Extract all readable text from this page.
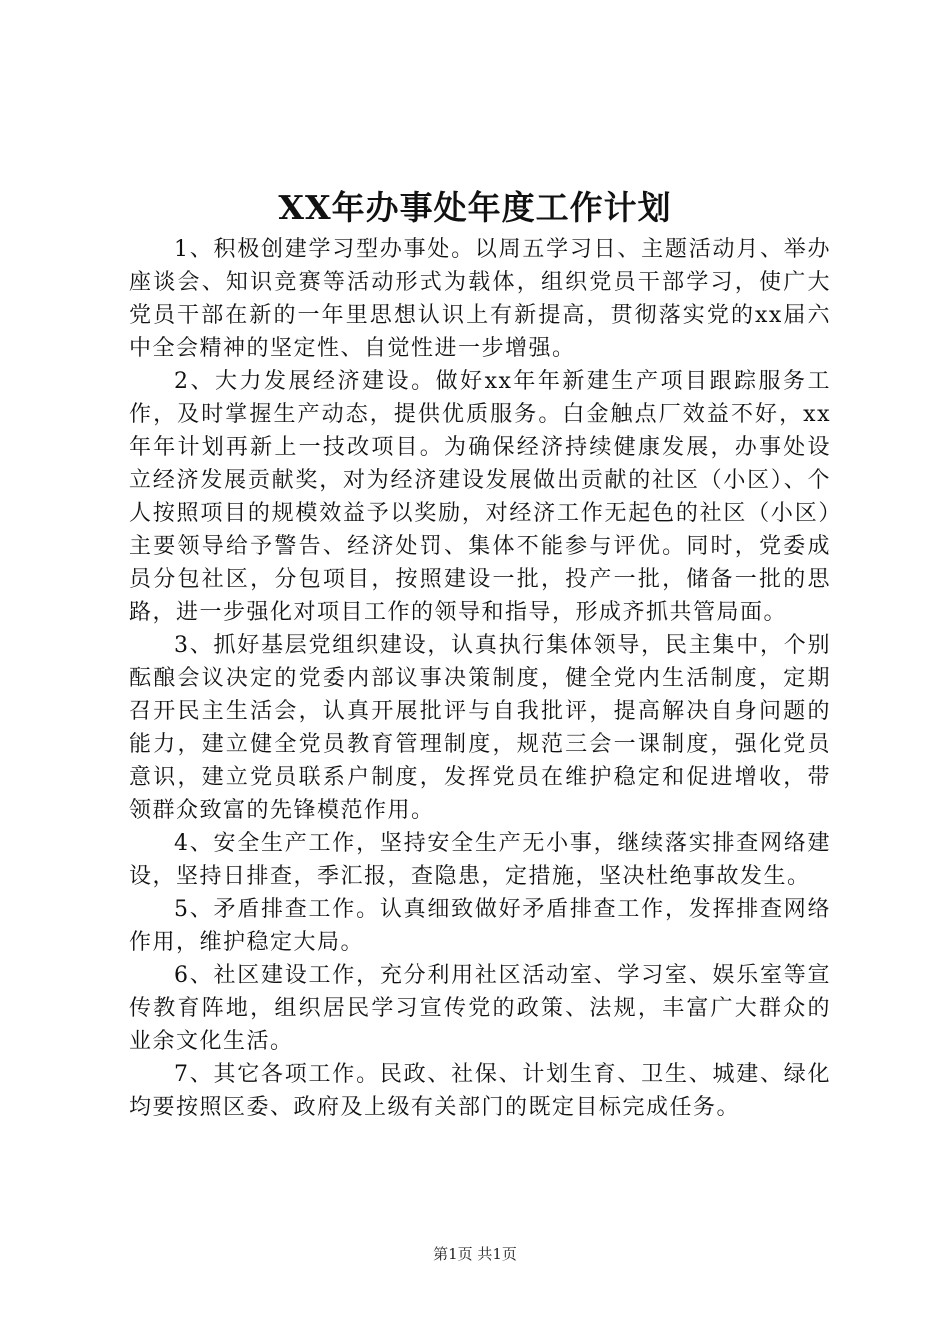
XX年办事处年度工作计划

1、积极创建学习型办事处。以周五学习日、主题活动月、举办座谈会、知识竞赛等活动形式为载体，组织党员干部学习，使广大党员干部在新的一年里思想认识上有新提高，贯彻落实党的xx届六中全会精神的坚定性、自觉性进一步增强。

2、大力发展经济建设。做好xx年年新建生产项目跟踪服务工作，及时掌握生产动态，提供优质服务。白金触点厂效益不好，xx年年计划再新上一技改项目。为确保经济持续健康发展，办事处设立经济发展贡献奖，对为经济建设发展做出贡献的社区（小区）、个人按照项目的规模效益予以奖励，对经济工作无起色的社区（小区）主要领导给予警告、经济处罚、集体不能参与评优。同时，党委成员分包社区，分包项目，按照建设一批，投产一批，储备一批的思路，进一步强化对项目工作的领导和指导，形成齐抓共管局面。

3、抓好基层党组织建设，认真执行集体领导，民主集中，个别酝酿会议决定的党委内部议事决策制度，健全党内生活制度，定期召开民主生活会，认真开展批评与自我批评，提高解决自身问题的能力，建立健全党员教育管理制度，规范三会一课制度，强化党员意识，建立党员联系户制度，发挥党员在维护稳定和促进增收，带领群众致富的先锋模范作用。

4、安全生产工作，坚持安全生产无小事，继续落实排查网络建设，坚持日排查，季汇报，查隐患，定措施，坚决杜绝事故发生。

5、矛盾排查工作。认真细致做好矛盾排查工作，发挥排查网络作用，维护稳定大局。

6、社区建设工作，充分利用社区活动室、学习室、娱乐室等宣传教育阵地，组织居民学习宣传党的政策、法规，丰富广大群众的业余文化生活。

7、其它各项工作。民政、社保、计划生育、卫生、城建、绿化均要按照区委、政府及上级有关部门的既定目标完成任务。

第1页 共1页
